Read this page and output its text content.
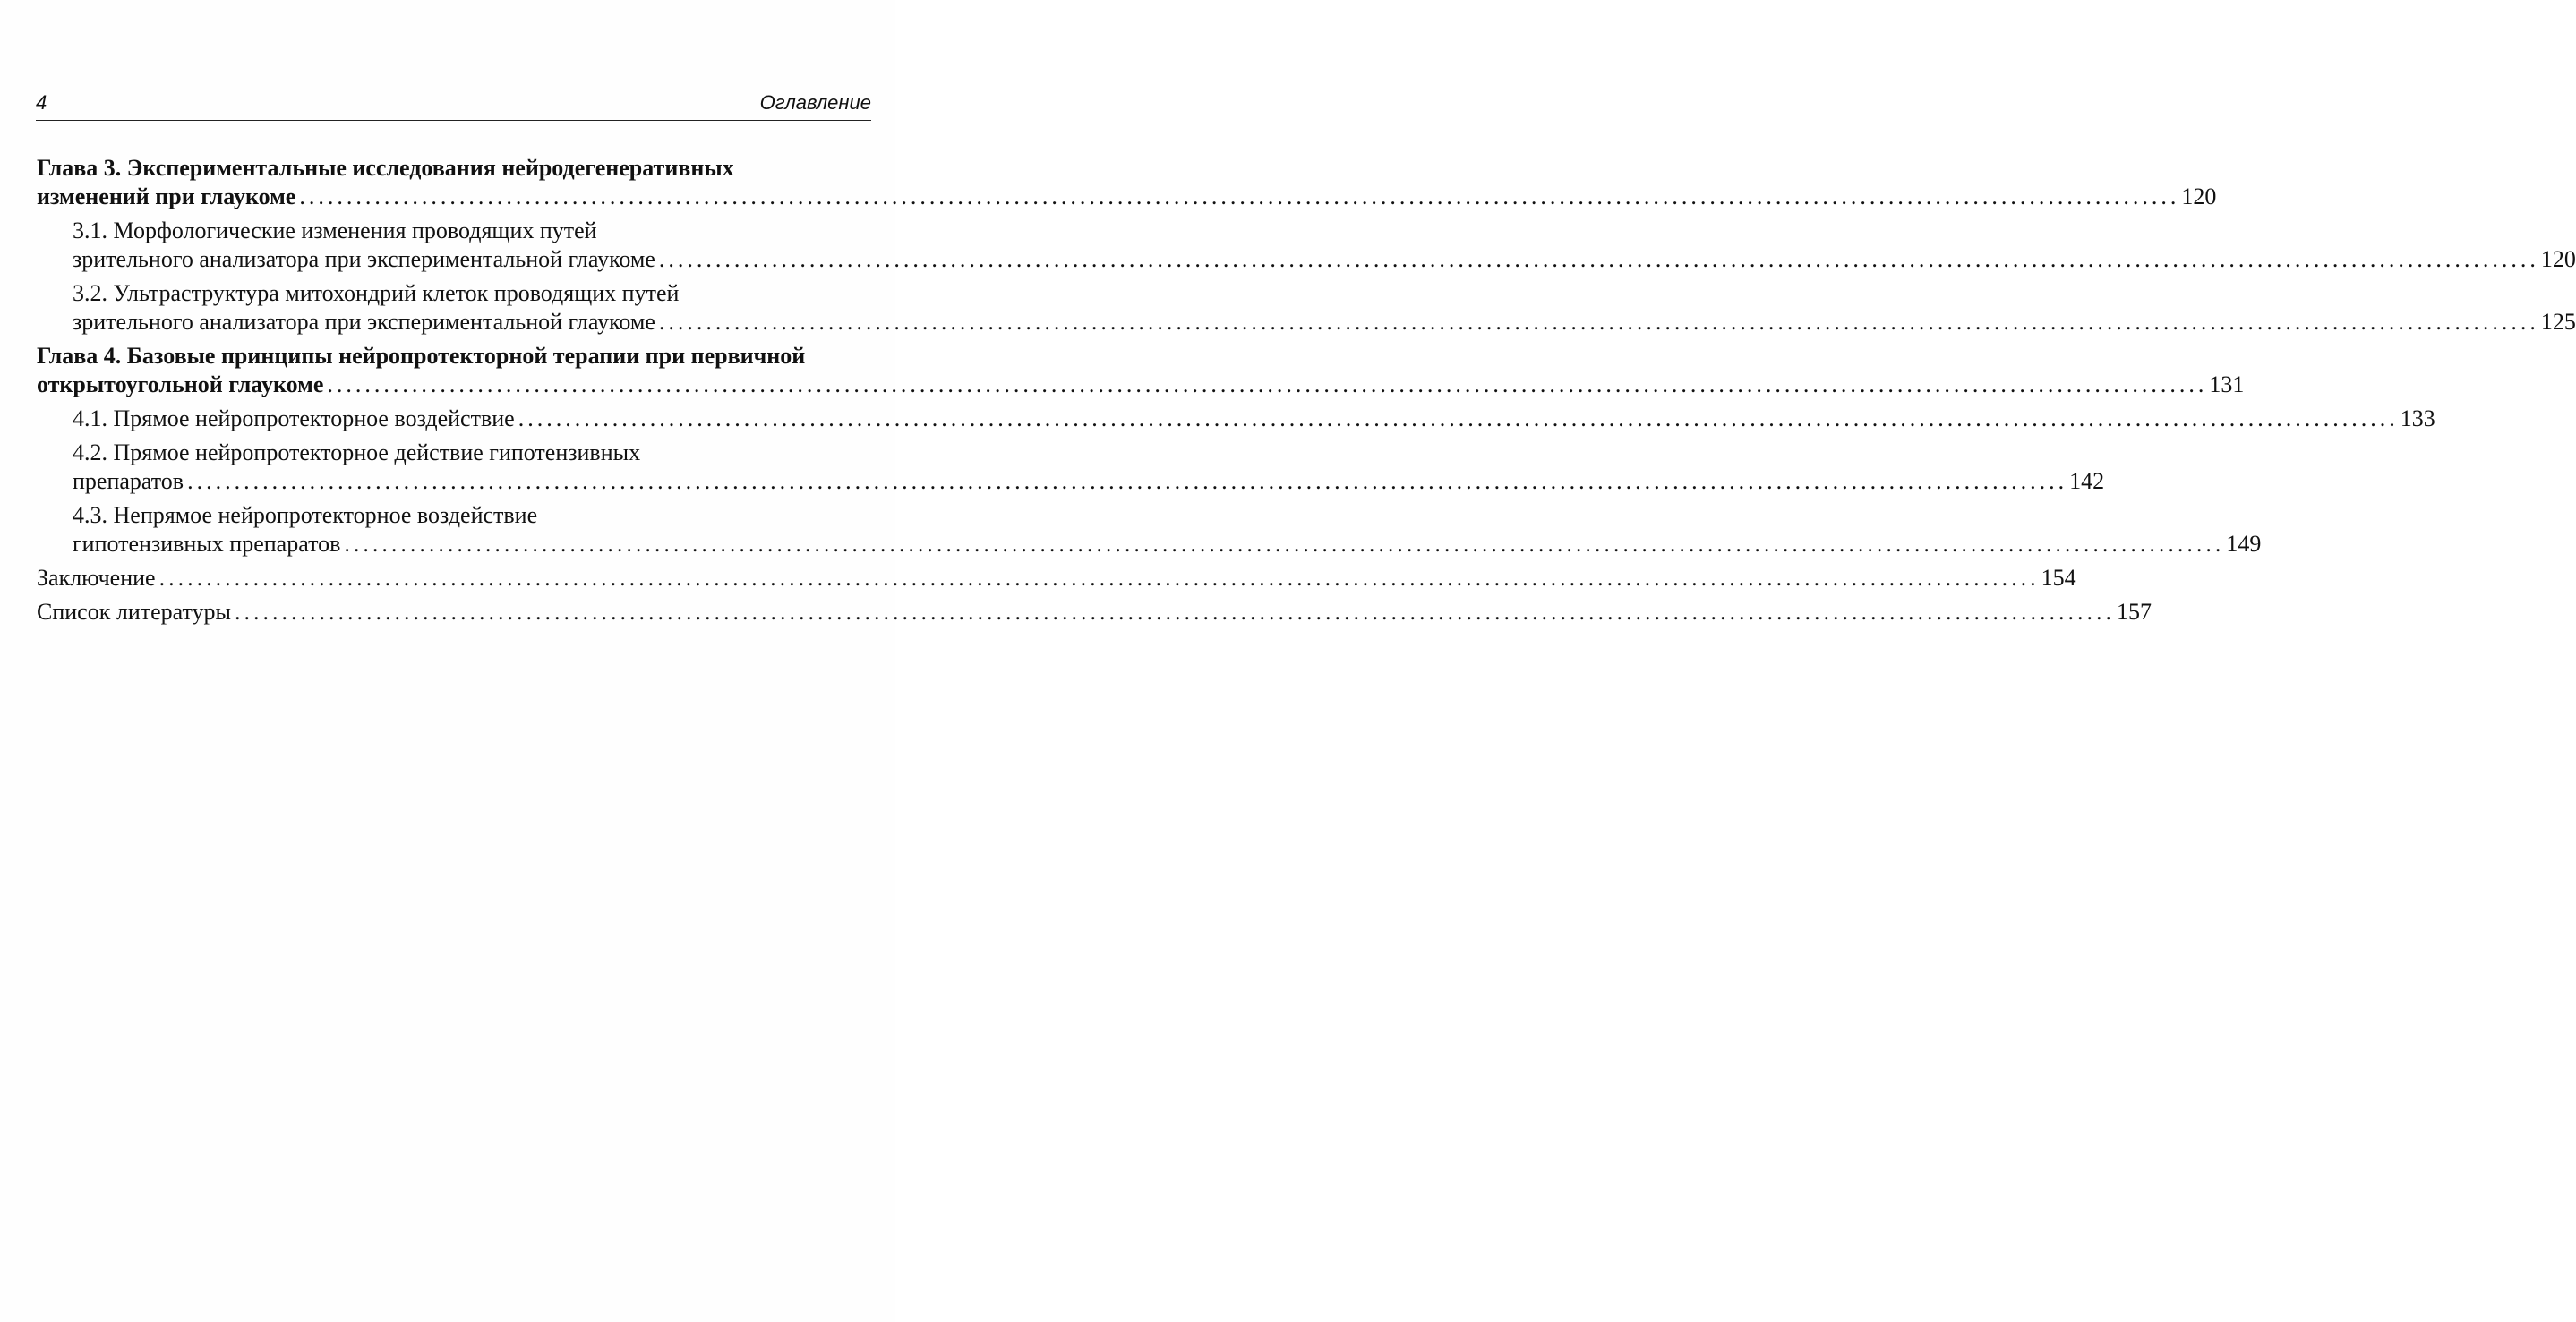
4	Оглавление
Глава 3. Экспериментальные исследования нейродегенеративных
изменений при глаукоме ........................................................................................................................................................................................................ 120
3.1. Морфологические изменения проводящих путей
зрительного анализатора при экспериментальной глаукоме ........................................................................................................................................................................................................ 120
3.2. Ультраструктура митохондрий клеток проводящих путей
зрительного анализатора при экспериментальной глаукоме ........................................................................................................................................................................................................ 125
Глава 4. Базовые принципы нейропротекторной терапии при первичной
открытоугольной глаукоме ........................................................................................................................................................................................................ 131
4.1. Прямое нейропротекторное воздействие ........................................................................................................................................................................................................ 133
4.2. Прямое нейропротекторное действие гипотензивных
препаратов ........................................................................................................................................................................................................ 142
4.3. Непрямое нейропротекторное воздействие
гипотензивных препаратов ........................................................................................................................................................................................................ 149
Заключение ........................................................................................................................................................................................................ 154
Список литературы ........................................................................................................................................................................................................ 157
